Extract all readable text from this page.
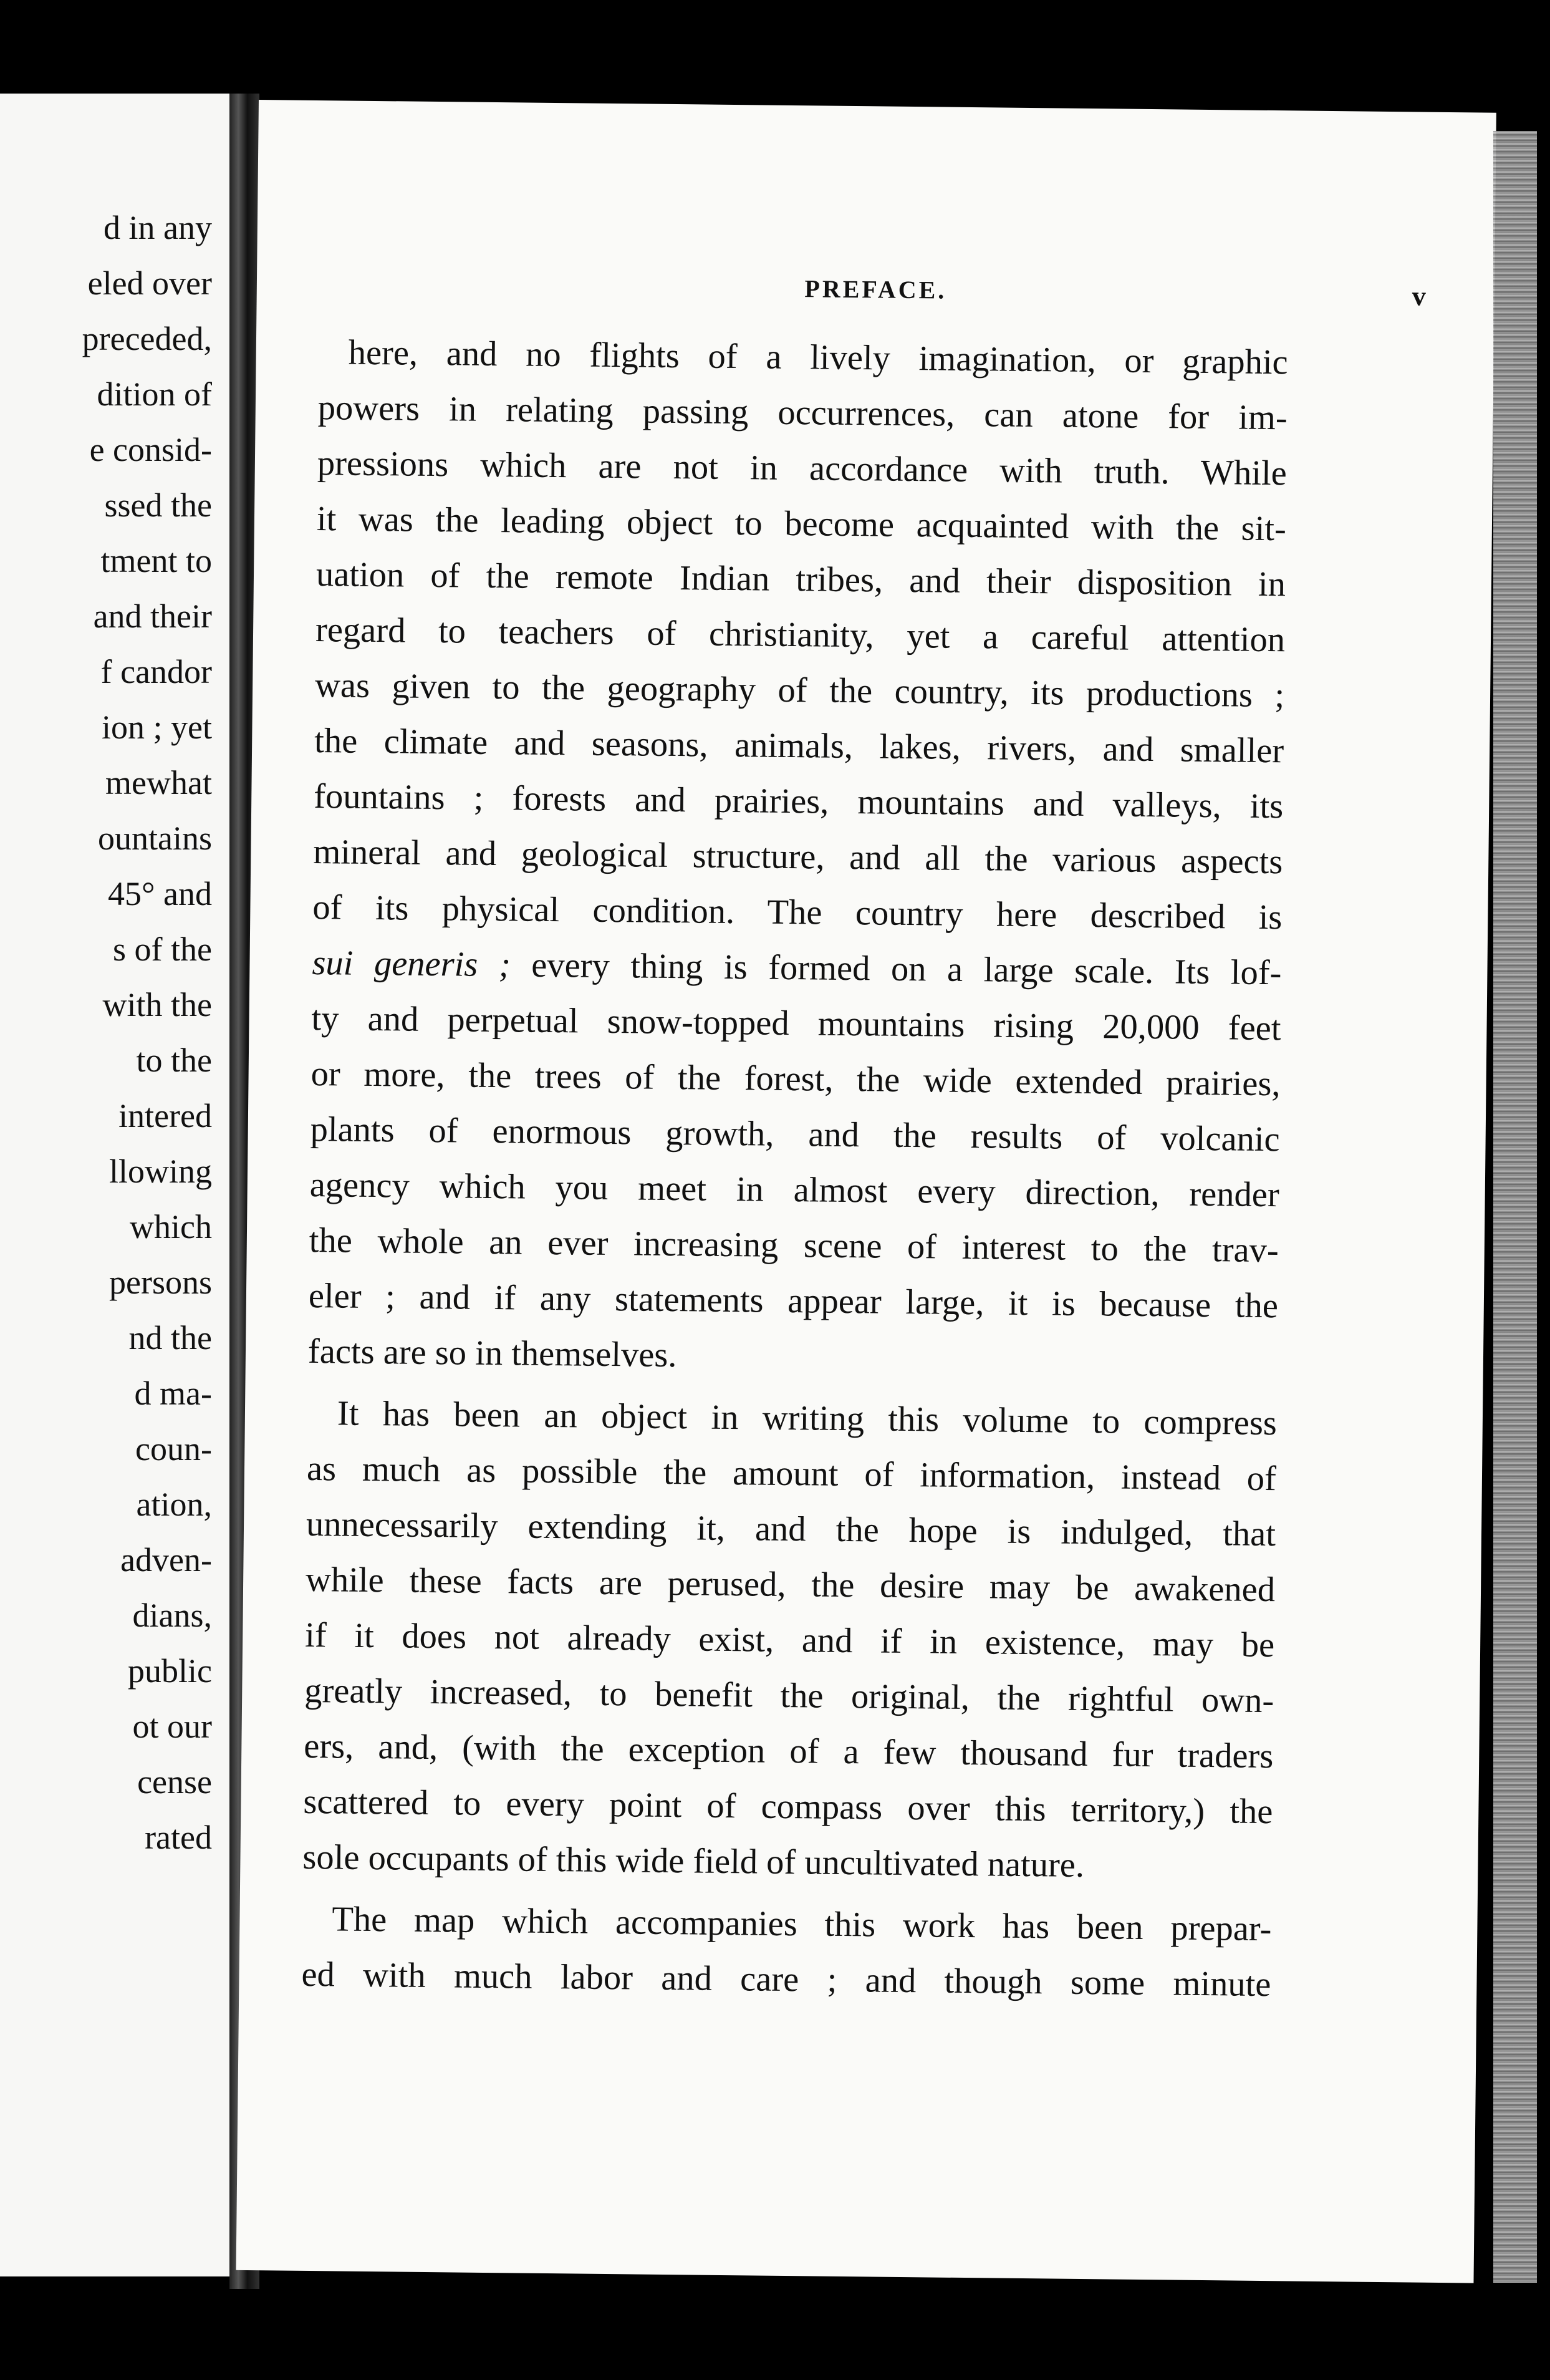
d in any
eled over
preceded,
dition of
e consid-
ssed the
tment to
and their
f candor
ion ; yet
mewhat
ountains
45° and
s of the
with the
to the
intered
llowing
which
persons
nd the
d ma-
coun-
ation,
adven-
dians,
public
ot our
cense
rated
PREFACE.	v
here, and no flights of a lively imagination, or graphic
powers in relating passing occurrences, can atone for im-
pressions which are not in accordance with truth. While
it was the leading object to become acquainted with the sit-
uation of the remote Indian tribes, and their disposition in
regard to teachers of christianity, yet a careful attention
was given to the geography of the country, its productions ;
the climate and seasons, animals, lakes, rivers, and smaller
fountains ; forests and prairies, mountains and valleys, its
mineral and geological structure, and all the various aspects
of its physical condition. The country here described is
sui generis ; every thing is formed on a large scale. Its lof-
ty and perpetual snow-topped mountains rising 20,000 feet
or more, the trees of the forest, the wide extended prairies,
plants of enormous growth, and the results of volcanic
agency which you meet in almost every direction, render
the whole an ever increasing scene of interest to the trav-
eler ; and if any statements appear large, it is because the
facts are so in themselves.
It has been an object in writing this volume to compress
as much as possible the amount of information, instead of
unnecessarily extending it, and the hope is indulged, that
while these facts are perused, the desire may be awakened
if it does not already exist, and if in existence, may be
greatly increased, to benefit the original, the rightful own-
ers, and, (with the exception of a few thousand fur traders
scattered to every point of compass over this territory,) the
sole occupants of this wide field of uncultivated nature.
The map which accompanies this work has been prepar-
ed with much labor and care ; and though some minute
